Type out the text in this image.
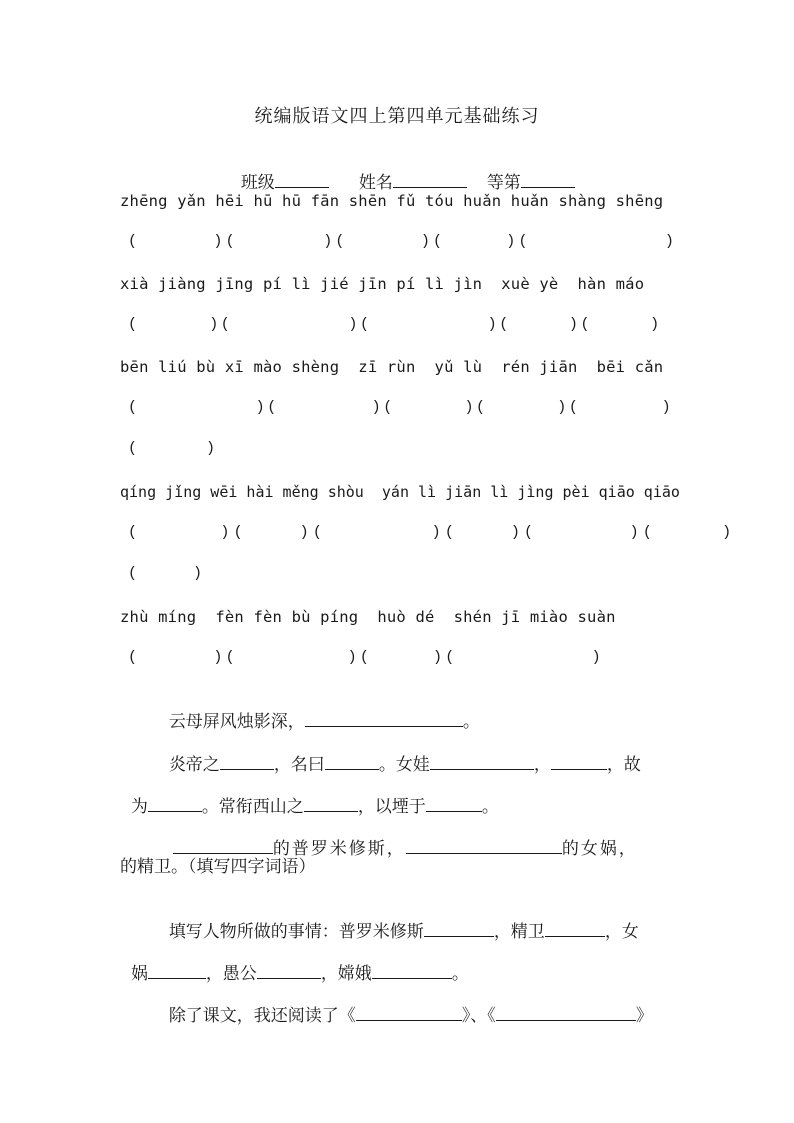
统编版语文四上第四单元基础练习

班级	姓名	等第

zhēng yǎn hēi hū hū fān shēn fǔ tóu huǎn huǎn shàng shēng
(      )(       )(      )(     )(           )
xià jiàng jīng pí lì jié jīn pí lì jìn  xuè yè  hàn máo
(      )(          )(          )(     )(     )
bēn liú bù xī mào shèng  zī rùn  yǔ lù  rén jiān  bēi cǎn
(          )(        )(      )(      )(       )
(     )
qíng jǐng wēi hài měng shòu  yán lì jiān lì jìng pèi qiāo qiāo
(      )(    )(        )(    )(       )(     )
(    )
zhù míng  fèn fèn bù píng  huò dé  shén jī miào suàn
(      )(         )(     )(           )

云母屏风烛影深，	。

炎帝之	，名曰	。女娃	，	，故

为	。常衔西山之	，以堙于	。

的普罗米修斯，	的女娲，

的精卫。（填写四字词语）

填写人物所做的事情：普罗米修斯	，精卫	，女

娲	，愚公	，嫦娥	。

除了课文，我还阅读了《	》、《	》
